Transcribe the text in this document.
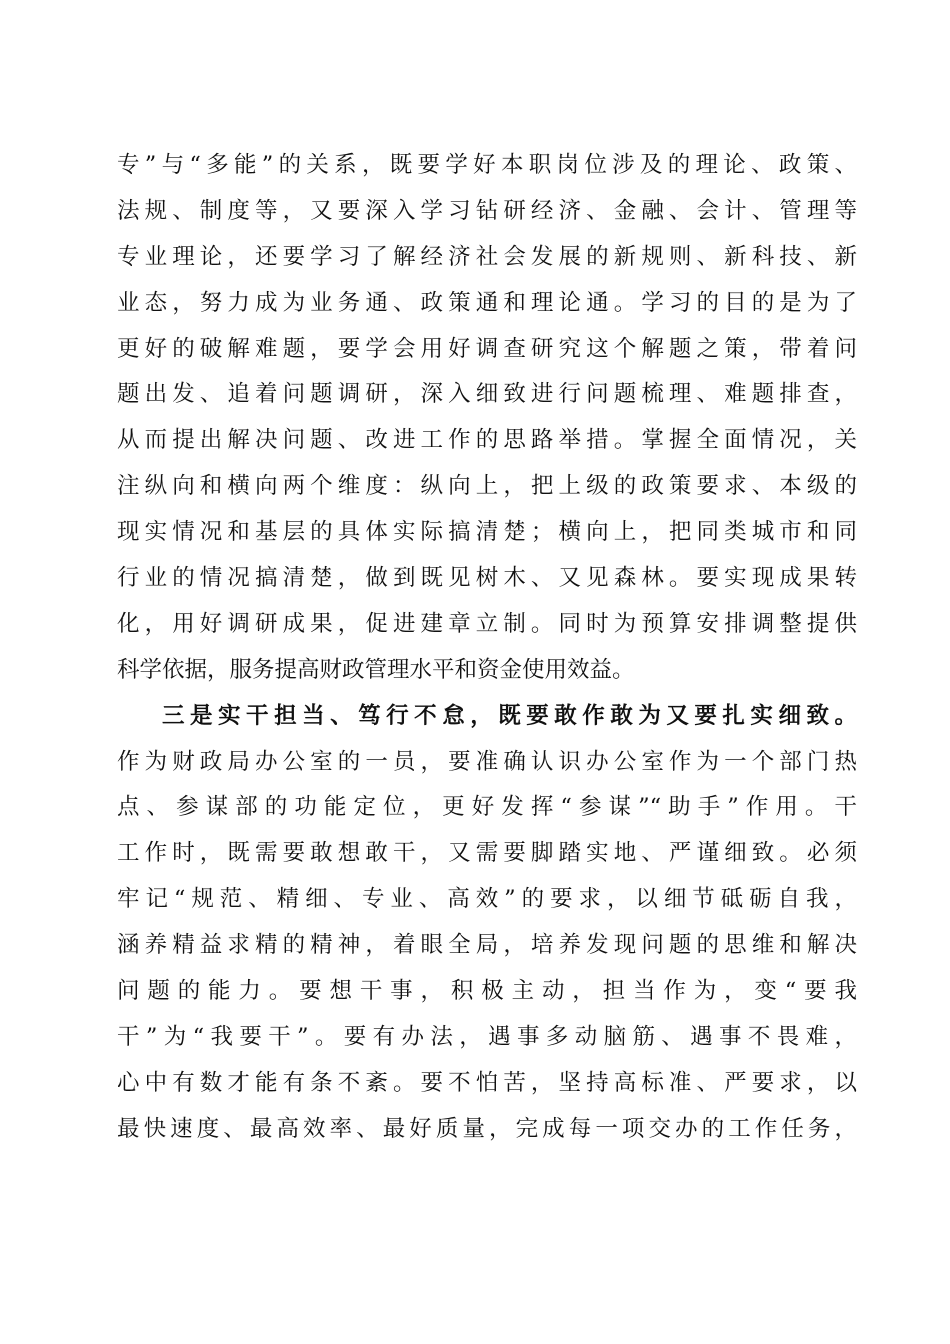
专”与“多能”的关系，既要学好本职岗位涉及的理论、政策、
法规、制度等，又要深入学习钻研经济、金融、会计、管理等
专业理论，还要学习了解经济社会发展的新规则、新科技、新
业态，努力成为业务通、政策通和理论通。学习的目的是为了
更好的破解难题，要学会用好调查研究这个解题之策，带着问
题出发、追着问题调研，深入细致进行问题梳理、难题排查，
从而提出解决问题、改进工作的思路举措。掌握全面情况，关
注纵向和横向两个维度：纵向上，把上级的政策要求、本级的
现实情况和基层的具体实际搞清楚；横向上，把同类城市和同
行业的情况搞清楚，做到既见树木、又见森林。要实现成果转
化，用好调研成果，促进建章立制。同时为预算安排调整提供
科学依据，服务提高财政管理水平和资金使用效益。
三是实干担当、笃行不怠，既要敢作敢为又要扎实细致。
作为财政局办公室的一员，要准确认识办公室作为一个部门热
点、参谋部的功能定位，更好发挥“参谋”“助手”作用。干
工作时，既需要敢想敢干，又需要脚踏实地、严谨细致。必须
牢记“规范、精细、专业、高效”的要求，以细节砥砺自我，
涵养精益求精的精神，着眼全局，培养发现问题的思维和解决
问题的能力。要想干事，积极主动，担当作为，变“要我
干”为“我要干”。要有办法，遇事多动脑筋、遇事不畏难，
心中有数才能有条不紊。要不怕苦，坚持高标准、严要求，以
最快速度、最高效率、最好质量，完成每一项交办的工作任务，
